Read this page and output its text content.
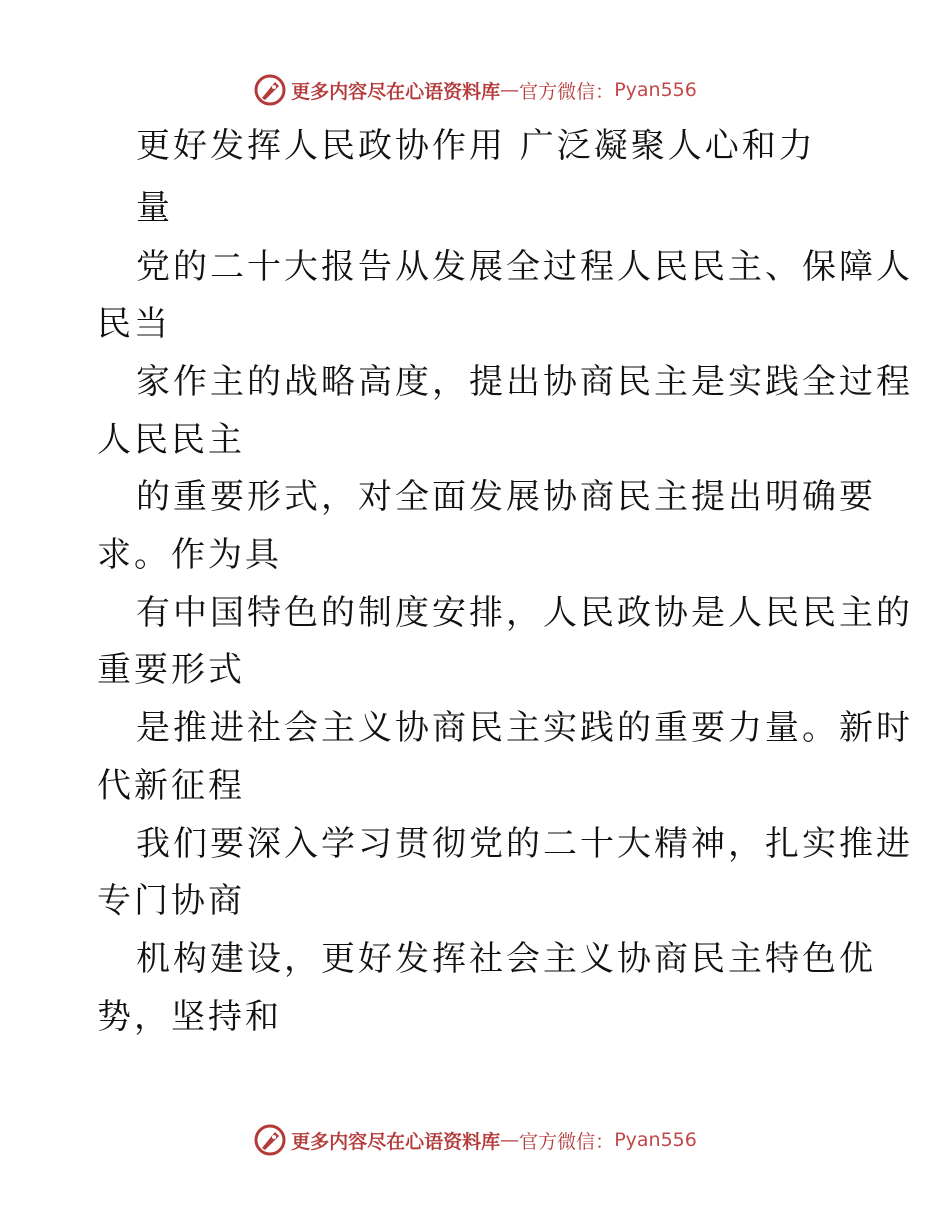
更多内容尽在心语资料库 — 官方微信： Pyan556
更好发挥人民政协作用 广泛凝聚人心和力
量
党的二十大报告从发展全过程人民民主、保障人
民当
家作主的战略高度，提出协商民主是实践全过程
人民民主
的重要形式，对全面发展协商民主提出明确要
求。作为具
有中国特色的制度安排，人民政协是人民民主的
重要形式
是推进社会主义协商民主实践的重要力量。新时
代新征程
我们要深入学习贯彻党的二十大精神，扎实推进
专门协商
机构建设，更好发挥社会主义协商民主特色优
势，坚持和
更多内容尽在心语资料库 — 官方微信： Pyan556
